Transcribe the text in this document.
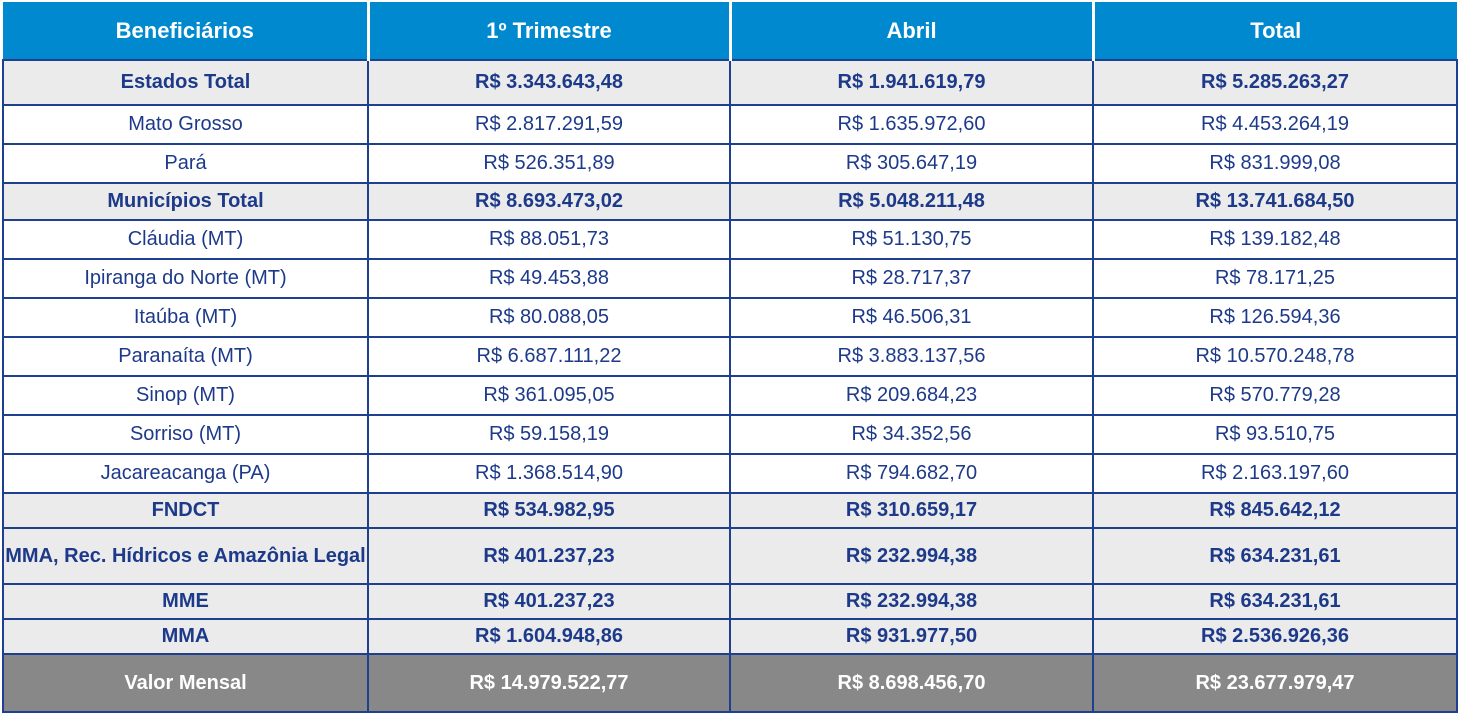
Beneficiários	1º Trimestre	Abril	Total
Estados Total	R$ 3.343.643,48	R$ 1.941.619,79	R$ 5.285.263,27
Mato Grosso	R$ 2.817.291,59	R$ 1.635.972,60	R$ 4.453.264,19
Pará	R$ 526.351,89	R$ 305.647,19	R$ 831.999,08
Municípios Total	R$ 8.693.473,02	R$ 5.048.211,48	R$ 13.741.684,50
Cláudia (MT)	R$ 88.051,73	R$ 51.130,75	R$ 139.182,48
Ipiranga do Norte (MT)	R$ 49.453,88	R$ 28.717,37	R$ 78.171,25
Itaúba (MT)	R$ 80.088,05	R$ 46.506,31	R$ 126.594,36
Paranaíta (MT)	R$ 6.687.111,22	R$ 3.883.137,56	R$ 10.570.248,78
Sinop (MT)	R$ 361.095,05	R$ 209.684,23	R$ 570.779,28
Sorriso (MT)	R$ 59.158,19	R$ 34.352,56	R$ 93.510,75
Jacareacanga (PA)	R$ 1.368.514,90	R$ 794.682,70	R$ 2.163.197,60
FNDCT	R$ 534.982,95	R$ 310.659,17	R$ 845.642,12
MMA, Rec. Hídricos e Amazônia Legal	R$ 401.237,23	R$ 232.994,38	R$ 634.231,61
MME	R$ 401.237,23	R$ 232.994,38	R$ 634.231,61
MMA	R$ 1.604.948,86	R$ 931.977,50	R$ 2.536.926,36
Valor Mensal	R$ 14.979.522,77	R$ 8.698.456,70	R$ 23.677.979,47
